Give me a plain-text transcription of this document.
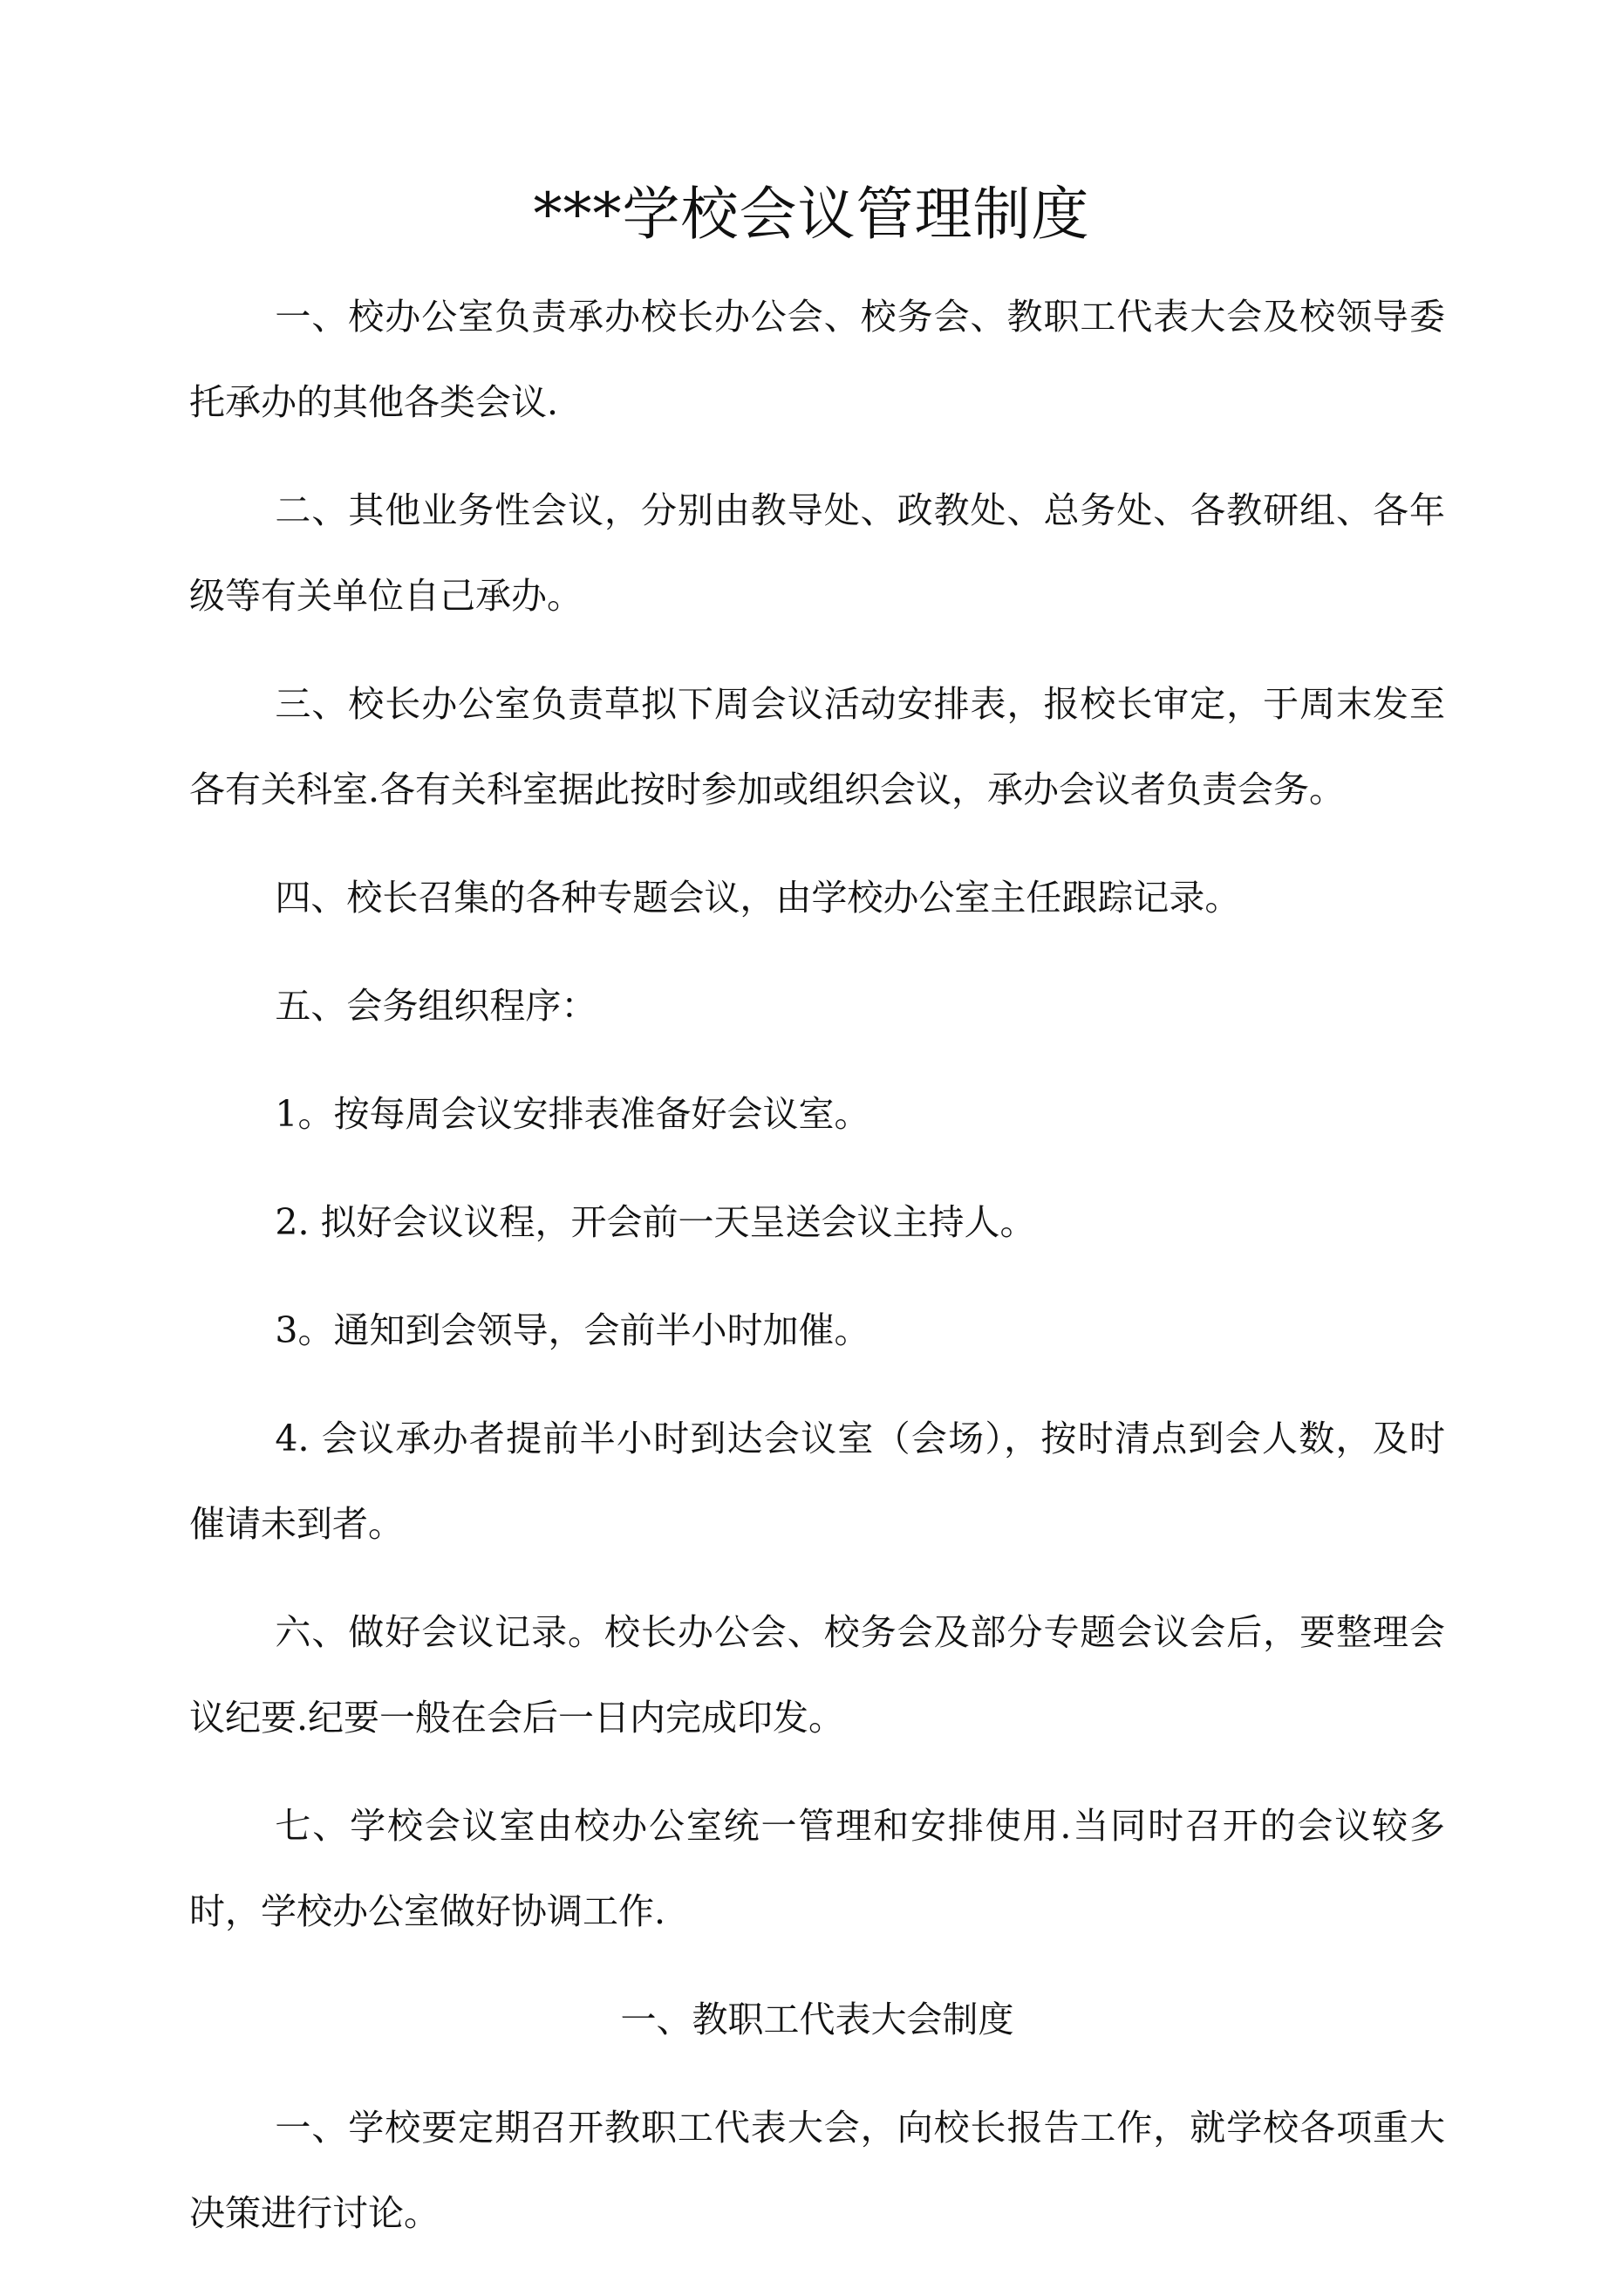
***学校会议管理制度

一、校办公室负责承办校长办公会、校务会、教职工代表大会及校领导委托承办的其他各类会议.

二、其他业务性会议，分别由教导处、政教处、总务处、各教研组、各年级等有关单位自己承办。

三、校长办公室负责草拟下周会议活动安排表，报校长审定，于周末发至各有关科室.各有关科室据此按时参加或组织会议，承办会议者负责会务。

四、校长召集的各种专题会议，由学校办公室主任跟踪记录。

五、会务组织程序：

1。按每周会议安排表准备好会议室。

2. 拟好会议议程，开会前一天呈送会议主持人。

3。通知到会领导，会前半小时加催。

4. 会议承办者提前半小时到达会议室（会场），按时清点到会人数，及时催请未到者。

六、做好会议记录。校长办公会、校务会及部分专题会议会后，要整理会议纪要.纪要一般在会后一日内完成印发。

七、学校会议室由校办公室统一管理和安排使用.当同时召开的会议较多时，学校办公室做好协调工作.

一、教职工代表大会制度

一、学校要定期召开教职工代表大会，向校长报告工作，就学校各项重大决策进行讨论。
